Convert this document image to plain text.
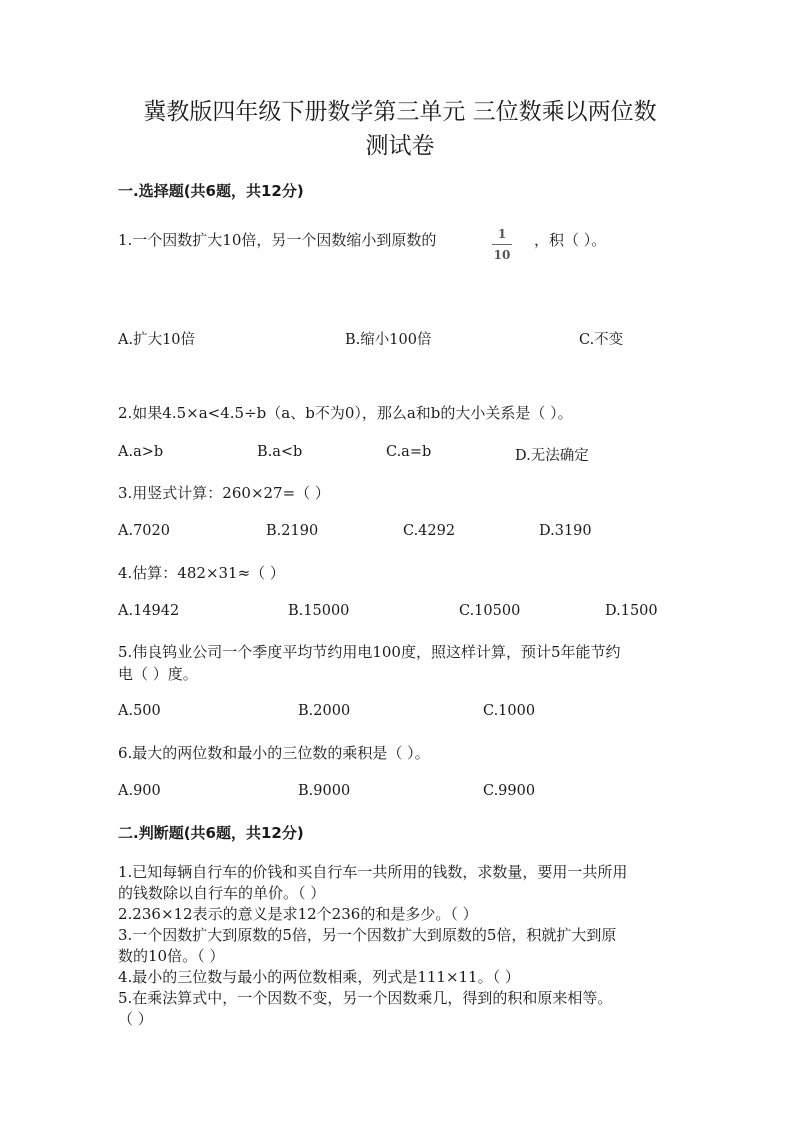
冀教版四年级下册数学第三单元 三位数乘以两位数
测试卷
一.选择题(共6题，共12分)
1.一个因数扩大10倍，另一个因数缩小到原数的	1
10
，积（ ）。
A.扩大10倍	B.缩小100倍	C.不变
2.如果4.5×a<4.5÷b（a、b不为0），那么a和b的大小关系是（ ）。
A.a>b	B.a<b	C.a=b	D.无法确定
3.用竖式计算：260×27=（ ）
A.7020	B.2190	C.4292	D.3190
4.估算：482×31≈（ ）
A.14942	B.15000	C.10500	D.1500
5.伟良钨业公司一个季度平均节约用电100度，照这样计算，预计5年能节约
电（ ）度。
A.500	B.2000	C.1000
6.最大的两位数和最小的三位数的乘积是（ ）。
A.900	B.9000	C.9900
二.判断题(共6题，共12分)
1.已知每辆自行车的价钱和买自行车一共所用的钱数，求数量，要用一共所用
的钱数除以自行车的单价。（ ）
2.236×12表示的意义是求12个236的和是多少。（ ）
3.一个因数扩大到原数的5倍，另一个因数扩大到原数的5倍，积就扩大到原
数的10倍。（ ）
4.最小的三位数与最小的两位数相乘，列式是111×11。（ ）
5.在乘法算式中，一个因数不变，另一个因数乘几，得到的积和原来相等。
（ ）
